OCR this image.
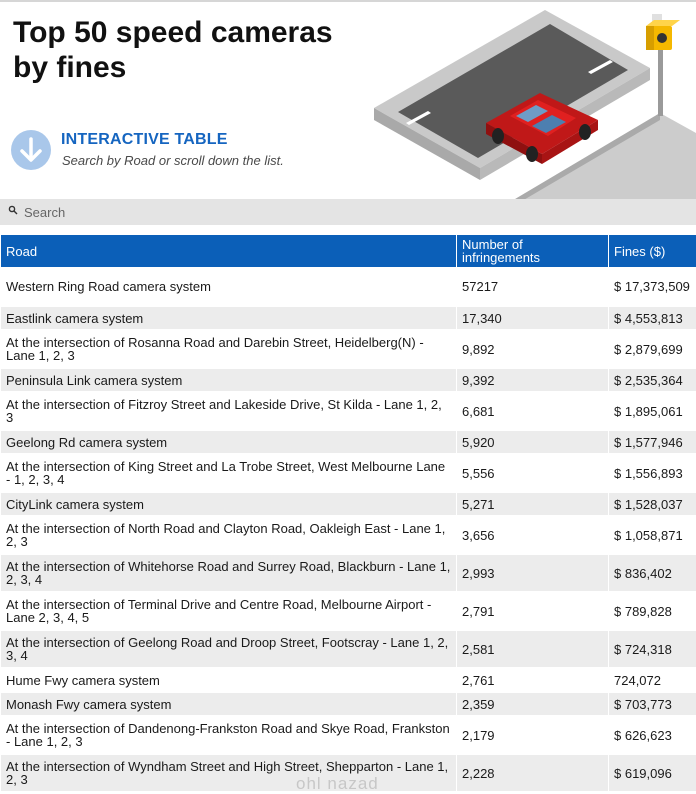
Top 50 speed cameras
by fines
INTERACTIVE TABLE
Search by Road or scroll down the list.
Search
Road	Number of infringements	Fines ($)
Western Ring Road camera system	57217	$ 17,373,509
Eastlink camera system	17,340	$ 4,553,813
At the intersection of Rosanna Road and Darebin Street, Heidelberg(N) - Lane 1, 2, 3	9,892	$ 2,879,699
Peninsula Link camera system	9,392	$ 2,535,364
At the intersection of Fitzroy Street and Lakeside Drive, St Kilda - Lane 1, 2, 3	6,681	$ 1,895,061
Geelong Rd camera system	5,920	$ 1,577,946
At the intersection of King Street and La Trobe Street, West Melbourne Lane - 1, 2, 3, 4	5,556	$ 1,556,893
CityLink camera system	5,271	$ 1,528,037
At the intersection of North Road and Clayton Road, Oakleigh East - Lane 1, 2, 3	3,656	$ 1,058,871
At the intersection of Whitehorse Road and Surrey Road, Blackburn - Lane 1, 2, 3, 4	2,993	$ 836,402
At the intersection of Terminal Drive and Centre Road, Melbourne Airport - Lane 2, 3, 4, 5	2,791	$ 789,828
At the intersection of Geelong Road and Droop Street, Footscray - Lane 1, 2, 3, 4	2,581	$ 724,318
Hume Fwy camera system	2,761	724,072
Monash Fwy camera system	2,359	$ 703,773
At the intersection of Dandenong-Frankston Road and Skye Road, Frankston - Lane 1, 2, 3	2,179	$ 626,623
At the intersection of Wyndham Street and High Street, Shepparton - Lane 1, 2, 3	2,228	$ 619,096
ohl nazad
